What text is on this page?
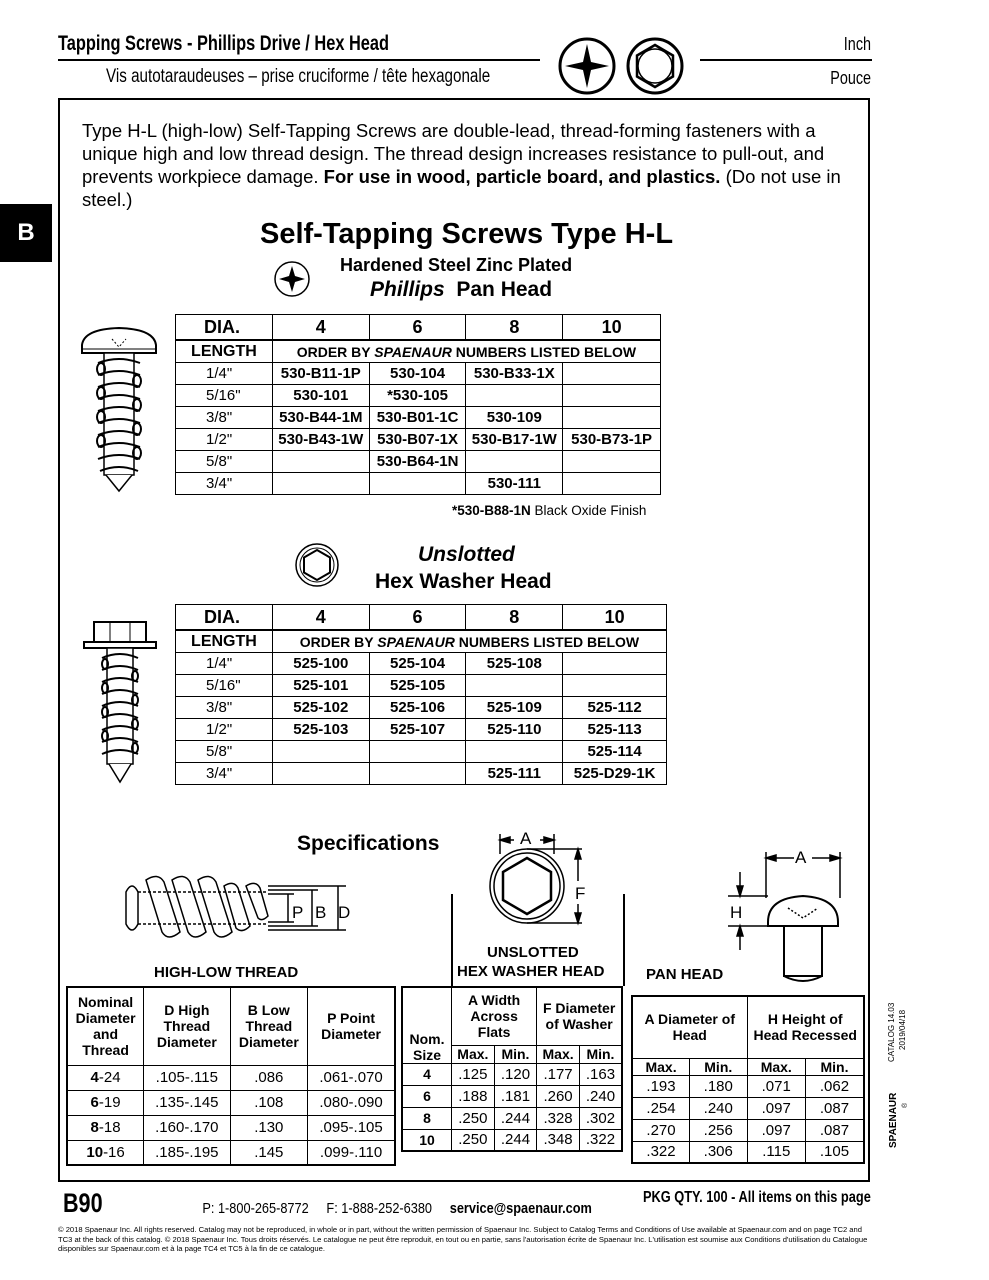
Tapping Screws - Phillips Drive / Hex Head
Vis autotaraudeuses – prise cruciforme / tête hexagonale
Inch
Pouce
B
Type H-L (high-low) Self-Tapping Screws are double-lead, thread-forming fasteners with a unique high and low thread design. The thread design increases resistance to pull-out, and prevents workpiece damage. For use in wood, particle board, and plastics. (Do not use in steel.)
Self-Tapping Screws Type H-L
Hardened Steel Zinc Plated
Phillips Pan Head
DIA.	4	6	8	10
LENGTH	ORDER BY SPAENAUR NUMBERS LISTED BELOW			
1/4"	530-B11-1P	530-104	530-B33-1X	
5/16"	530-101	*530-105		
3/8"	530-B44-1M	530-B01-1C	530-109	
1/2"	530-B43-1W	530-B07-1X	530-B17-1W	530-B73-1P
5/8"		530-B64-1N		
3/4"			530-111	
*530-B88-1N Black Oxide Finish
Unslotted
Hex Washer Head
DIA.	4	6	8	10
LENGTH	ORDER BY SPAENAUR NUMBERS LISTED BELOW			
1/4"	525-100	525-104	525-108	
5/16"	525-101	525-105		
3/8"	525-102	525-106	525-109	525-112
1/2"	525-103	525-107	525-110	525-113
5/8"				525-114
3/4"			525-111	525-D29-1K
Specifications
P B D
HIGH-LOW THREAD
A
F
UNSLOTTED
HEX WASHER HEAD
A
H
PAN HEAD
Nominal Diameter and Thread	D High Thread Diameter	B Low Thread Diameter	P Point Diameter
4-24	.105-.115	.086	.061-.070
6-19	.135-.145	.108	.080-.090
8-18	.160-.170	.130	.095-.105
10-16	.185-.195	.145	.099-.110
Nom. Size	A Width Across Flats		F Diameter of Washer	
	Max.	Min.	Max.	Min.
4	.125	.120	.177	.163
6	.188	.181	.260	.240
8	.250	.244	.328	.302
10	.250	.244	.348	.322
A Diameter of Head		H Height of Head Recessed	
Max.	Min.	Max.	Min.
.193	.180	.071	.062
.254	.240	.097	.087
.270	.256	.097	.087
.322	.306	.115	.105
CATALOG 14.03 2019/04/18
SPAENAUR ®
B90	P: 1-800-265-8772 F: 1-888-252-6380 service@spaenaur.com
PKG QTY. 100 - All items on this page
© 2018 Spaenaur Inc. All rights reserved. Catalog may not be reproduced, in whole or in part, without the written permission of Spaenaur Inc. Subject to Catalog Terms and Conditions of Use available at Spaenaur.com and on page TC2 and TC3 at the back of this catalog. © 2018 Spaenaur Inc. Tous droits réservés. Le catalogue ne peut être reproduit, en tout ou en partie, sans l'autorisation écrite de Spaenaur Inc. L'utilisation est soumise aux Conditions d'utilisation du Catalogue disponibles sur Spaenaur.com et à la page TC4 et TC5 à la fin de ce catalogue.
